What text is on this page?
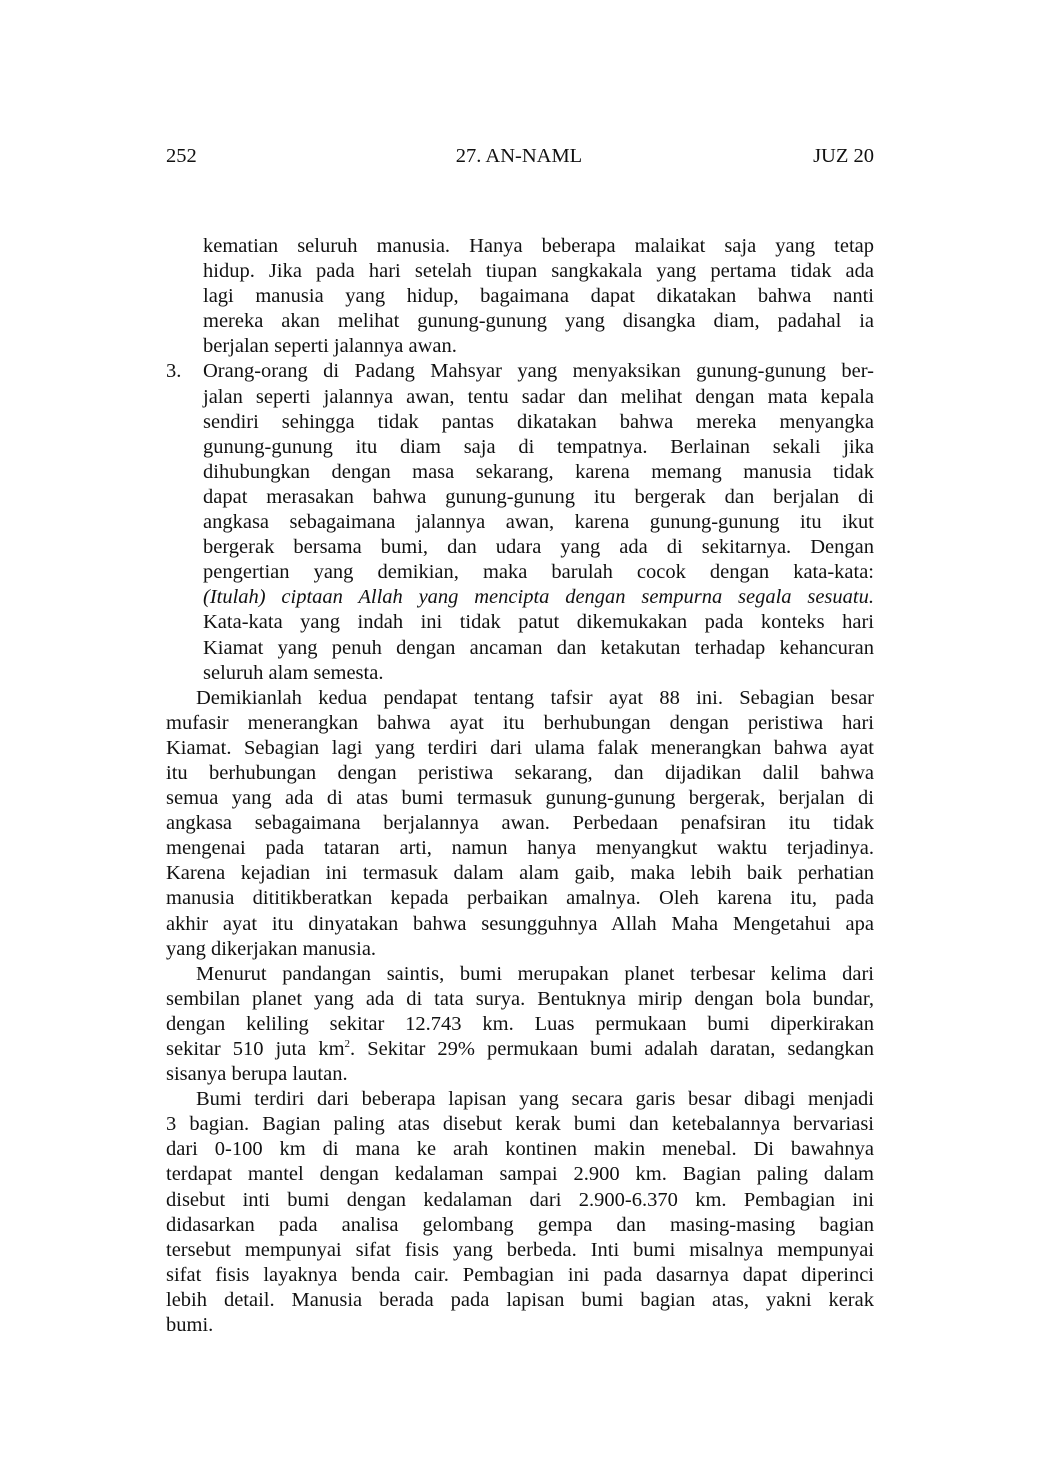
252	27. AN-NAML	JUZ 20
kematian seluruh manusia. Hanya beberapa malaikat saja yang tetap
hidup. Jika pada hari setelah tiupan sangkakala yang pertama tidak ada
lagi manusia yang hidup, bagaimana dapat dikatakan bahwa nanti
mereka akan melihat gunung-gunung yang disangka diam, padahal ia
berjalan seperti jalannya awan.
3.	Orang-orang di Padang Mahsyar yang menyaksikan gunung-gunung ber-
jalan seperti jalannya awan, tentu sadar dan melihat dengan mata kepala
sendiri sehingga tidak pantas dikatakan bahwa mereka menyangka
gunung-gunung itu diam saja di tempatnya. Berlainan sekali jika
dihubungkan dengan masa sekarang, karena memang manusia tidak
dapat merasakan bahwa gunung-gunung itu bergerak dan berjalan di
angkasa sebagaimana jalannya awan, karena gunung-gunung itu ikut
bergerak bersama bumi, dan udara yang ada di sekitarnya. Dengan
pengertian yang demikian, maka barulah cocok dengan kata-kata:
(Itulah) ciptaan Allah yang mencipta dengan sempurna segala sesuatu.
Kata-kata yang indah ini tidak patut dikemukakan pada konteks hari
Kiamat yang penuh dengan ancaman dan ketakutan terhadap kehancuran
seluruh alam semesta.
Demikianlah kedua pendapat tentang tafsir ayat 88 ini. Sebagian besar
mufasir menerangkan bahwa ayat itu berhubungan dengan peristiwa hari
Kiamat. Sebagian lagi yang terdiri dari ulama falak menerangkan bahwa ayat
itu berhubungan dengan peristiwa sekarang, dan dijadikan dalil bahwa
semua yang ada di atas bumi termasuk gunung-gunung bergerak, berjalan di
angkasa sebagaimana berjalannya awan. Perbedaan penafsiran itu tidak
mengenai pada tataran arti, namun hanya menyangkut waktu terjadinya.
Karena kejadian ini termasuk dalam alam gaib, maka lebih baik perhatian
manusia dititikberatkan kepada perbaikan amalnya. Oleh karena itu, pada
akhir ayat itu dinyatakan bahwa sesungguhnya Allah Maha Mengetahui apa
yang dikerjakan manusia.
Menurut pandangan saintis, bumi merupakan planet terbesar kelima dari
sembilan planet yang ada di tata surya. Bentuknya mirip dengan bola bundar,
dengan keliling sekitar 12.743 km. Luas permukaan bumi diperkirakan
sekitar 510 juta $km^2$. Sekitar 29% permukaan bumi adalah daratan, sedangkan
sisanya berupa lautan.
Bumi terdiri dari beberapa lapisan yang secara garis besar dibagi menjadi
3 bagian. Bagian paling atas disebut kerak bumi dan ketebalannya bervariasi
dari 0-100 km di mana ke arah kontinen makin menebal. Di bawahnya
terdapat mantel dengan kedalaman sampai 2.900 km. Bagian paling dalam
disebut inti bumi dengan kedalaman dari 2.900-6.370 km. Pembagian ini
didasarkan pada analisa gelombang gempa dan masing-masing bagian
tersebut mempunyai sifat fisis yang berbeda. Inti bumi misalnya mempunyai
sifat fisis layaknya benda cair. Pembagian ini pada dasarnya dapat diperinci
lebih detail. Manusia berada pada lapisan bumi bagian atas, yakni kerak
bumi.
